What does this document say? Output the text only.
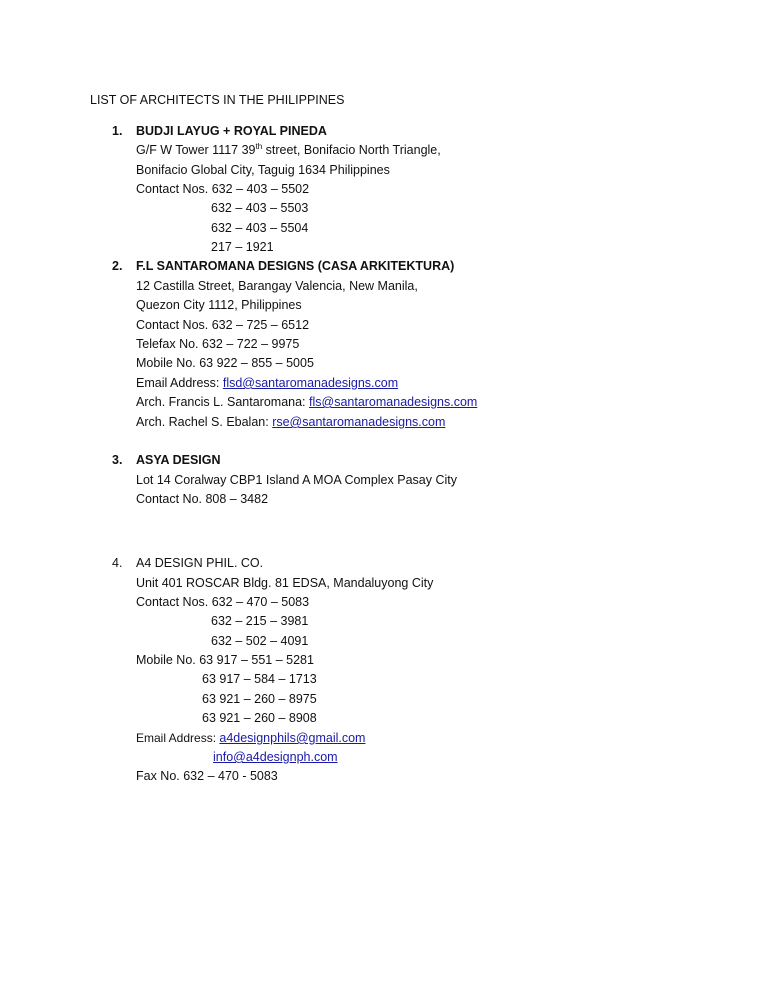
LIST OF ARCHITECTS IN THE PHILIPPINES
1. BUDJI LAYUG + ROYAL PINEDA
G/F W Tower 1117 39th street, Bonifacio North Triangle,
Bonifacio Global City, Taguig 1634 Philippines
Contact Nos. 632 – 403 – 5502
632 – 403 – 5503
632 – 403 – 5504
217 – 1921
2. F.L SANTAROMANA DESIGNS (CASA ARKITEKTURA)
12 Castilla Street, Barangay Valencia, New Manila,
Quezon City 1112, Philippines
Contact Nos. 632 – 725 – 6512
Telefax No. 632 – 722 – 9975
Mobile No. 63 922 – 855 – 5005
Email Address: flsd@santaromanadesigns.com
Arch. Francis L. Santaromana: fls@santaromanadesigns.com
Arch. Rachel S. Ebalan: rse@santaromanadesigns.com
3. ASYA DESIGN
Lot 14 Coralway CBP1 Island A MOA Complex Pasay City
Contact No. 808 – 3482
4. A4 DESIGN PHIL. CO.
Unit 401 ROSCAR Bldg. 81 EDSA, Mandaluyong City
Contact Nos. 632 – 470 – 5083
632 – 215 – 3981
632 – 502 – 4091
Mobile No. 63 917 – 551 – 5281
63 917 – 584 – 1713
63 921 – 260 – 8975
63 921 – 260 – 8908
Email Address: a4designphils@gmail.com
info@a4designph.com
Fax No. 632 – 470 - 5083
